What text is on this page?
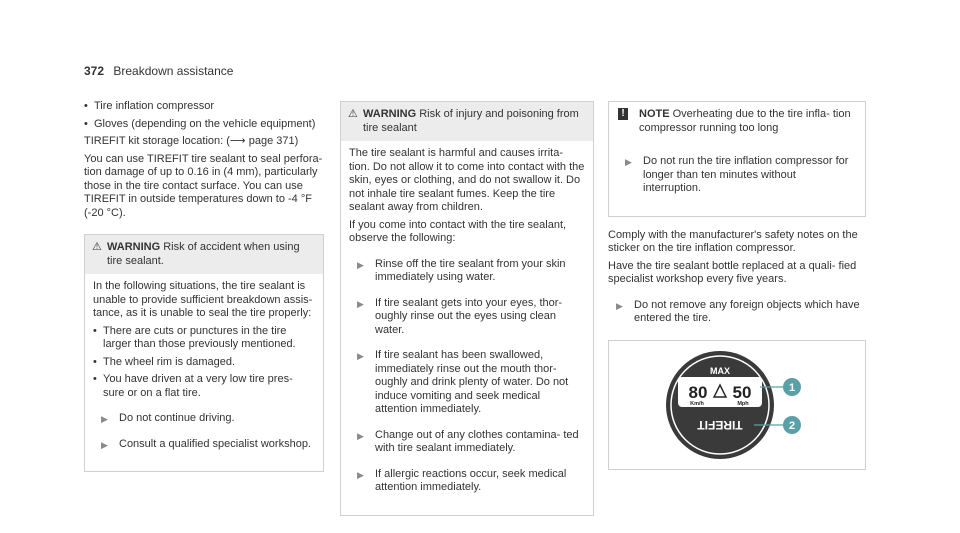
372 Breakdown assistance
• Tire inflation compressor
• Gloves (depending on the vehicle equipment)

TIREFIT kit storage location: (⟶ page 371)

You can use TIREFIT tire sealant to seal perfora- tion damage of up to 0.16 in (4 mm), particularly those in the tire contact surface. You can use TIREFIT in outside temperatures down to -4 °F (-20 °C).

⚠ WARNING Risk of accident when using tire sealant.

In the following situations, the tire sealant is unable to provide sufficient breakdown assis- tance, as it is unable to seal the tire properly:

• There are cuts or punctures in the tire larger than those previously mentioned.
• The wheel rim is damaged.
• You have driven at a very low tire pres- sure or on a flat tire.
▶ Do not continue driving.
▶ Consult a qualified specialist workshop.
⚠ WARNING Risk of injury and poisoning from tire sealant

The tire sealant is harmful and causes irrita- tion. Do not allow it to come into contact with the skin, eyes or clothing, and do not swallow it. Do not inhale tire sealant fumes. Keep the tire sealant away from children.

If you come into contact with the tire sealant, observe the following:

▶ Rinse off the tire sealant from your skin immediately using water.
▶ If tire sealant gets into your eyes, thor- oughly rinse out the eyes using clean water.
▶ If tire sealant has been swallowed, immediately rinse out the mouth thor- oughly and drink plenty of water. Do not induce vomiting and seek medical attention immediately.
▶ Change out of any clothes contamina- ted with tire sealant immediately.
▶ If allergic reactions occur, seek medical attention immediately.
!	NOTE Overheating due to the tire infla- tion compressor running too long
▶ Do not run the tire inflation compressor for longer than ten minutes without interruption.

Comply with the manufacturer's safety notes on the sticker on the tire inflation compressor.

Have the tire sealant bottle replaced at a quali- fied specialist workshop every five years.

▶ Do not remove any foreign objects which have entered the tire.
MAX
80 50
Km/h	Mph
TIREFIT
1
2
